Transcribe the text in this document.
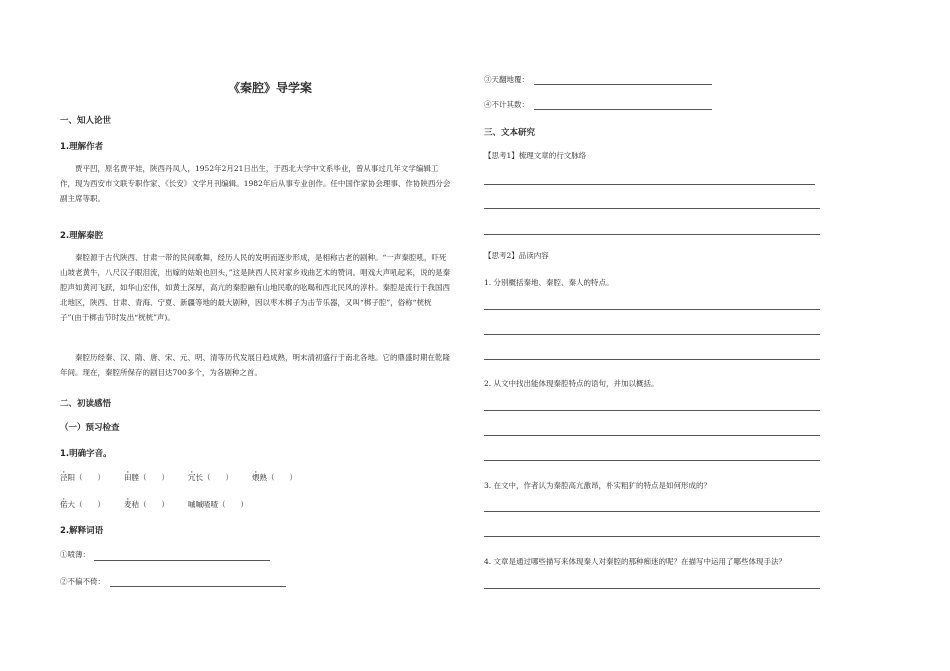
《秦腔》导学案
一、知人论世
1.理解作者
贾平凹，原名贾平娃，陕西丹凤人，1952年2月21日出生，于西北大学中文系毕业，曾从事过几年文学编辑工作，现为西安市文联专职作家、《长安》文学月刊编辑。1982年后从事专业创作。任中国作家协会理事、作协陕西分会副主席等职。
2.理解秦腔
秦腔源于古代陕西、甘肃一带的民间歌舞，经历人民的发明而逐步形成，是相称古老的剧种。“一声秦腔吼，吓死山坡老黄牛，八尺汉子眼泪流，出嫁的姑娘也回头，”这是陕西人民对家乡戏曲艺术的赞词。唱戏大声吼起来，说的是秦腔声如黄河飞跃，如华山宏伟，如黄土深厚，高亢的秦腔融有山地民歌的吆喝和西北民风的淳朴。秦腔是流行于我国西北地区，陕西、甘肃、青海、宁夏、新疆等地的最大剧种，因以枣木梆子为击节乐器，又叫“梆子腔”，俗称“桄桄子”(由于梆击节时发出“桄桄”声)。
秦腔历经秦、汉、隋、唐、宋、元、明、清等历代发展日趋成熟，明末清初盛行于南北各地。它的鼎盛时期在乾隆年间。现在，秦腔所保存的剧目达700多个，为各剧种之首。
二、初读感悟
（一）预习检查
1.明确字音。
泾阳（　　）	田塍（　　）	冗长（　　）	煨熟（　　）
偌大（　　）	麦秸（　　）	嘁嘁喳喳（　　）
2.解释词语
①喷薄：
②不偏不倚：
③天翻地覆：
④不计其数：
三、文本研究
【思考1】梳理文章的行文脉络
【思考2】品读内容
1. 分别概括秦地、秦腔、秦人的特点。
2. 从文中找出能体现秦腔特点的语句，并加以概括。
3. 在文中，作者认为秦腔高亢激昂，朴实粗犷的特点是如何形成的？
4. 文章是通过哪些描写来体现秦人对秦腔的那种痴迷的呢？在描写中运用了哪些体现手法？
